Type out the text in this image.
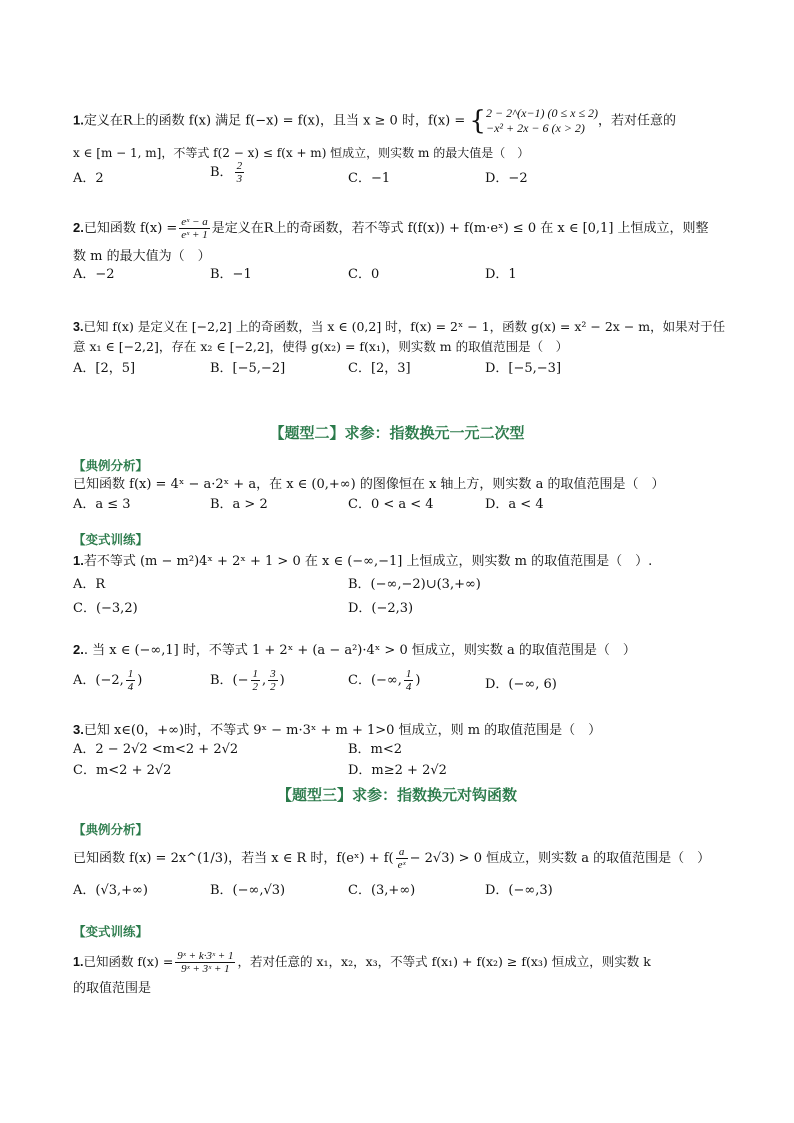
1.定义在R上的函数 f(x) 满足 f(−x) = f(x)，且当 x ≥ 0 时，f(x) = { 2 − 2^(x−1) (0 ≤ x ≤ 2)
−x² + 2x − 6 (x > 2)	，若对任意的
x ∈ [m − 1, m]，不等式 f(2 − x) ≤ f(x + m) 恒成立，则实数 m 的最大值是（　）
A．2	B． $\frac{2}{3}$	C．−1	D．−2
2.已知函数 $f(x) = \frac{\text{eˣ − a}}{\text{eˣ + 1}}$ 是定义在R上的奇函数，若不等式 f(f(x)) + f(m·eˣ) ≤ 0 在 x ∈ [0,1] 上恒成立，则整
数 m 的最大值为（　）
A．−2	B．−1	C．0	D．1
3.已知 f(x) 是定义在 [−2,2] 上的奇函数，当 x ∈ (0,2] 时，f(x) = 2ˣ − 1，函数 g(x) = x² − 2x − m，如果对于任
意 x₁ ∈ [−2,2]，存在 x₂ ∈ [−2,2]，使得 g(x₂) = f(x₁)，则实数 m 的取值范围是（　）
A．[2，5]	B．[−5,−2]	C．[2，3]	D．[−5,−3]
【题型二】求参：指数换元一元二次型
【典例分析】
已知函数 f(x) = 4ˣ − a·2ˣ + a，在 x ∈ (0,+∞) 的图像恒在 x 轴上方，则实数 a 的取值范围是（　）
A．a ≤ 3	B．a > 2	C．0 < a < 4	D．a < 4
【变式训练】
1.若不等式 (m − m²)4ˣ + 2ˣ + 1 > 0 在 x ∈ (−∞,−1] 上恒成立，则实数 m 的取值范围是（　）.
A．R	B．(−∞,−2)∪(3,+∞)
C．(−3,2)	D．(−2,3)
2.. 当 x ∈ (−∞,1] 时，不等式 1 + 2ˣ + (a − a²)·4ˣ > 0 恒成立，则实数 a 的取值范围是（　）
A．(−2, $\frac{1}{4}$ )	B．(− $\frac{1}{2}$ , $\frac{3}{2}$ )	C．(−∞, $\frac{1}{4}$ )	D．(−∞, 6)
3.已知 x∈(0，+∞)时，不等式 9ˣ − m·3ˣ + m + 1>0 恒成立，则 m 的取值范围是（　）
A．2 − 2√2 <m<2 + 2√2	B．m<2
C．m<2 + 2√2	D．m≥2 + 2√2
【题型三】求参：指数换元对钩函数
【典例分析】
已知函数 f(x) = 2x^(1/3)，若当 x ∈ R 时，f(eˣ) + $f( \frac{a}{\text{eˣ}} - 2√3) > 0$ 恒成立，则实数 a 的取值范围是（　）
A．(√3,+∞)	B．(−∞,√3)	C．(3,+∞)	D．(−∞,3)
【变式训练】
1.已知函数 $f(x) = \frac{\text{9ˣ + k·3ˣ + 1}}{\text{9ˣ + 3ˣ + 1}}$ ，若对任意的 x₁，x₂，x₃，不等式 f(x₁) + f(x₂) ≥ f(x₃) 恒成立，则实数 k
的取值范围是
